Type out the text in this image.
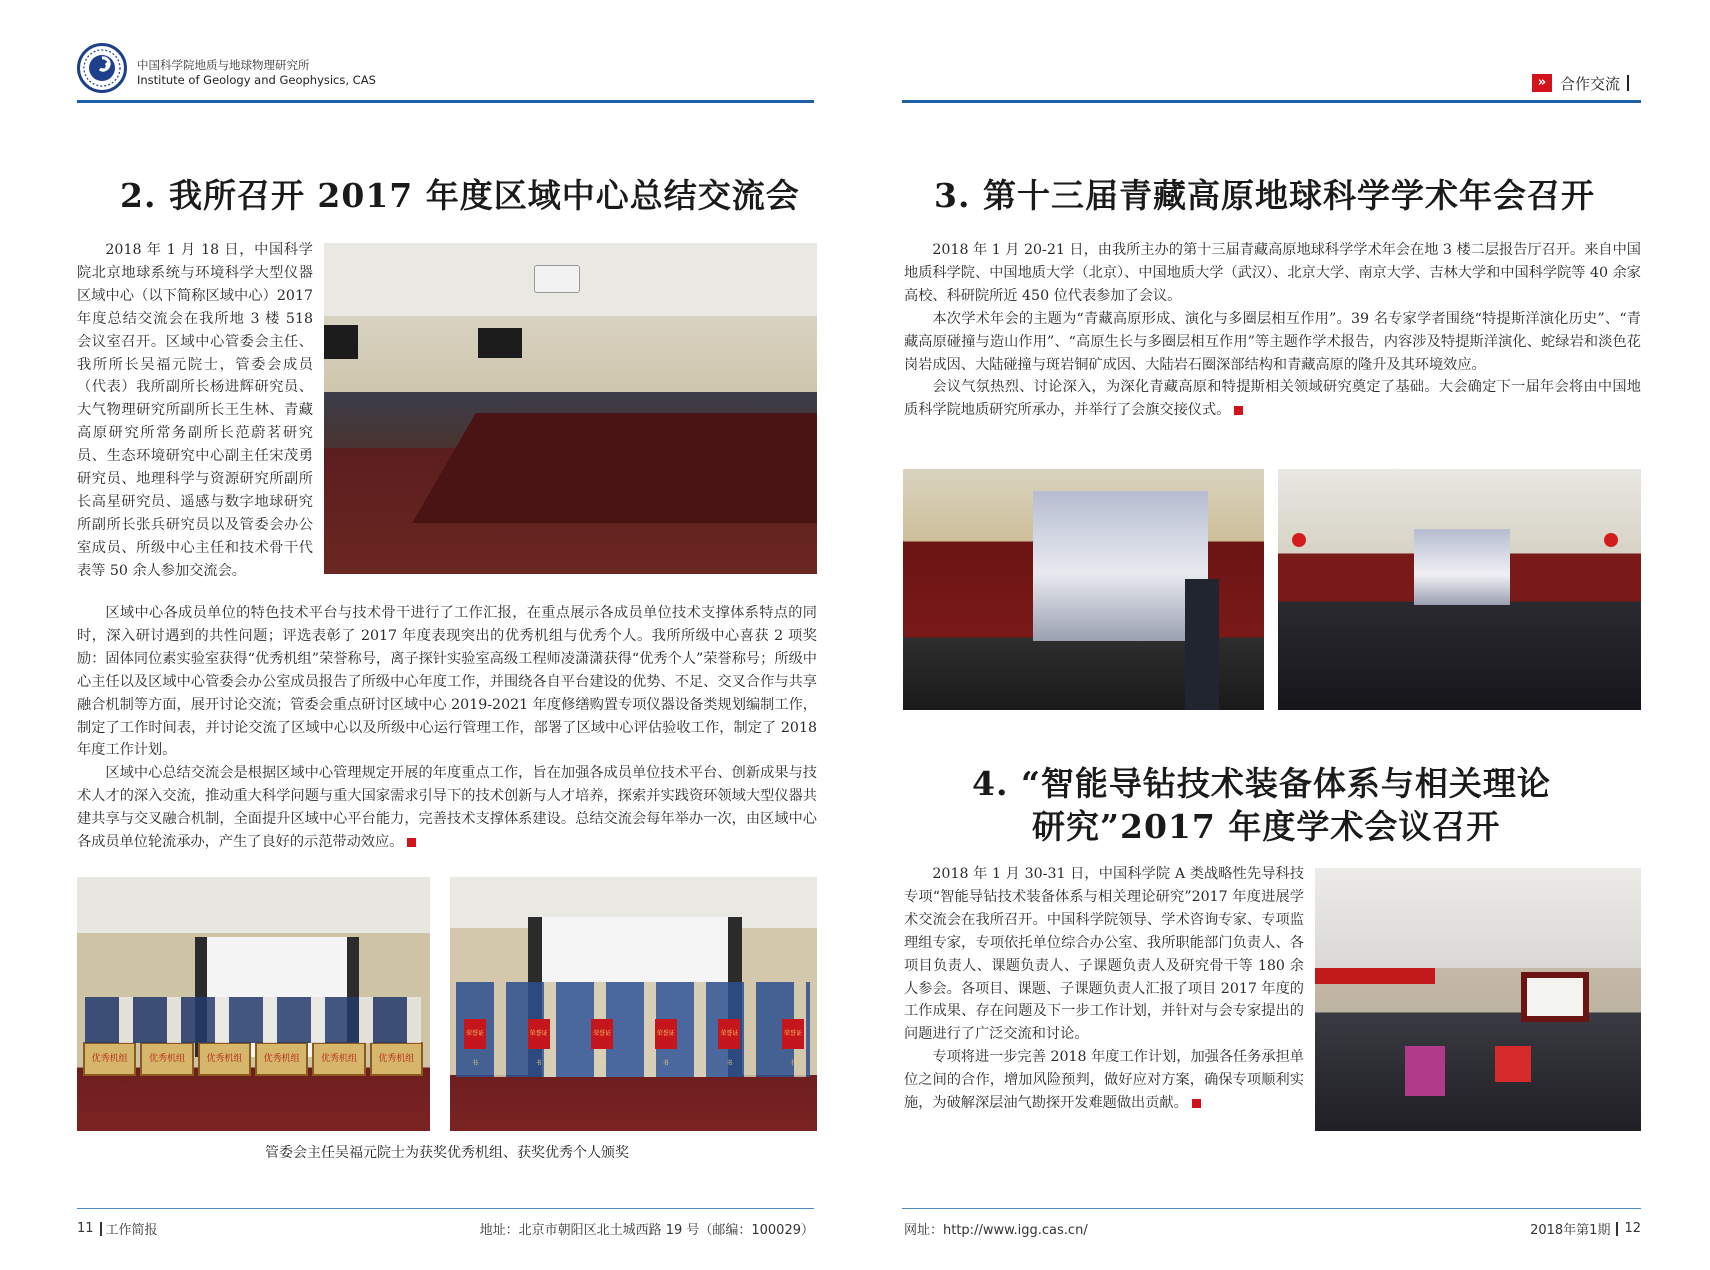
中国科学院地质与地球物理研究所
Institute of Geology and Geophysics, CAS	» 合作交流
2. 我所召开 2017 年度区域中心总结交流会

2018 年 1 月 18 日，中国科学院北京地球系统与环境科学大型仪器区域中心（以下简称区域中心）2017 年度总结交流会在我所地 3 楼 518 会议室召开。区域中心管委会主任、我所所长吴福元院士，管委会成员（代表）我所副所长杨进辉研究员、大气物理研究所副所长王生林、青藏高原研究所常务副所长范蔚茗研究员、生态环境研究中心副主任宋茂勇研究员、地理科学与资源研究所副所长高星研究员、遥感与数字地球研究所副所长张兵研究员以及管委会办公室成员、所级中心主任和技术骨干代表等 50 余人参加交流会。

区域中心各成员单位的特色技术平台与技术骨干进行了工作汇报，在重点展示各成员单位技术支撑体系特点的同时，深入研讨遇到的共性问题；评选表彰了 2017 年度表现突出的优秀机组与优秀个人。我所所级中心喜获 2 项奖励：固体同位素实验室获得“优秀机组”荣誉称号，离子探针实验室高级工程师凌潇潇获得“优秀个人”荣誉称号；所级中心主任以及区域中心管委会办公室成员报告了所级中心年度工作，并围绕各自平台建设的优势、不足、交叉合作与共享融合机制等方面，展开讨论交流；管委会重点研讨区域中心 2019-2021 年度修缮购置专项仪器设备类规划编制工作，制定了工作时间表，并讨论交流了区域中心以及所级中心运行管理工作，部署了区域中心评估验收工作，制定了 2018 年度工作计划。

区域中心总结交流会是根据区域中心管理规定开展的年度重点工作，旨在加强各成员单位技术平台、创新成果与技术人才的深入交流，推动重大科学问题与重大国家需求引导下的技术创新与人才培养，探索并实践资环领域大型仪器共建共享与交叉融合机制，全面提升区域中心平台能力，完善技术支撑体系建设。总结交流会每年举办一次，由区域中心各成员单位轮流承办，产生了良好的示范带动效应。

优秀机组	优秀机组	优秀机组	优秀机组	优秀机组	优秀机组
荣誉证书
荣誉证书
荣誉证书
荣誉证书
荣誉证书
荣誉证书
管委会主任吴福元院士为获奖优秀机组、获奖优秀个人颁奖
3. 第十三届青藏高原地球科学学术年会召开

2018 年 1 月 20-21 日，由我所主办的第十三届青藏高原地球科学学术年会在地 3 楼二层报告厅召开。来自中国地质科学院、中国地质大学（北京）、中国地质大学（武汉）、北京大学、南京大学、吉林大学和中国科学院等 40 余家高校、科研院所近 450 位代表参加了会议。

本次学术年会的主题为“青藏高原形成、演化与多圈层相互作用”。39 名专家学者围绕“特提斯洋演化历史”、“青藏高原碰撞与造山作用”、“高原生长与多圈层相互作用”等主题作学术报告，内容涉及特提斯洋演化、蛇绿岩和淡色花岗岩成因、大陆碰撞与斑岩铜矿成因、大陆岩石圈深部结构和青藏高原的隆升及其环境效应。

会议气氛热烈、讨论深入，为深化青藏高原和特提斯相关领域研究奠定了基础。大会确定下一届年会将由中国地质科学院地质研究所承办，并举行了会旗交接仪式。

4. “智能导钻技术装备体系与相关理论
研究”2017 年度学术会议召开

2018 年 1 月 30-31 日，中国科学院 A 类战略性先导科技专项“智能导钻技术装备体系与相关理论研究”2017 年度进展学术交流会在我所召开。中国科学院领导、学术咨询专家、专项监理组专家，专项依托单位综合办公室、我所职能部门负责人、各项目负责人、课题负责人、子课题负责人及研究骨干等 180 余人参会。各项目、课题、子课题负责人汇报了项目 2017 年度的工作成果、存在问题及下一步工作计划，并针对与会专家提出的问题进行了广泛交流和讨论。

专项将进一步完善 2018 年度工作计划，加强各任务承担单位之间的合作，增加风险预判，做好应对方案，确保专项顺利实施，为破解深层油气勘探开发难题做出贡献。

11 工作简报	地址：北京市朝阳区北土城西路 19 号（邮编：100029）	网址：http://www.igg.cas.cn/	2018年第1期 12
